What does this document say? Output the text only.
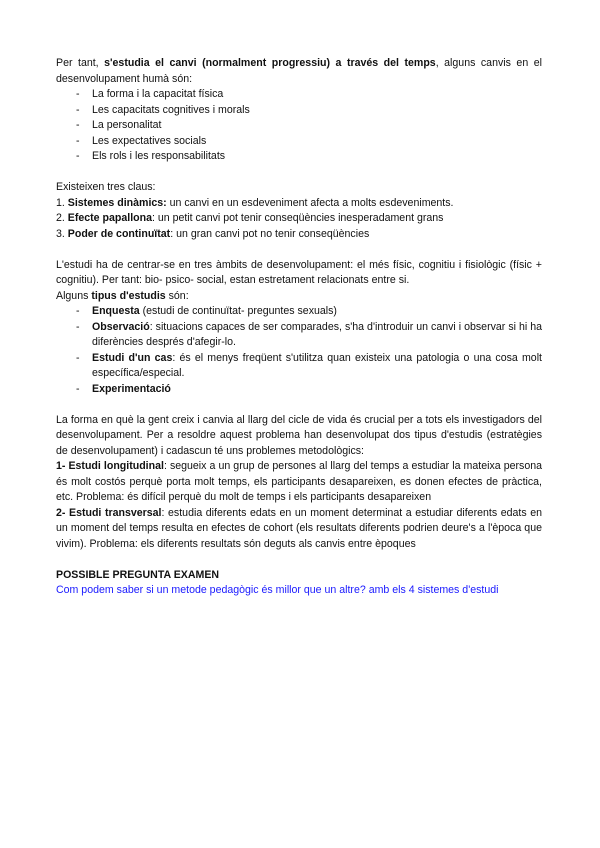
Per tant, s'estudia el canvi (normalment progressiu) a través del temps, alguns canvis en el desenvolupament humà són:

- La forma i la capacitat física
- Les capacitats cognitives i morals
- La personalitat
- Les expectatives socials
- Els rols i les responsabilitats

Existeixen tres claus:

1. Sistemes dinàmics: un canvi en un esdeveniment afecta a molts esdeveniments.

2. Efecte papallona: un petit canvi pot tenir conseqüències inesperadament grans

3. Poder de continuïtat: un gran canvi pot no tenir conseqüències

L'estudi ha de centrar-se en tres àmbits de desenvolupament: el més físic, cognitiu i fisiològic (físic + cognitiu). Per tant: bio- psico- social, estan estretament relacionats entre si.

Alguns tipus d'estudis són:

- Enquesta (estudi de continuïtat- preguntes sexuals)
- Observació: situacions capaces de ser comparades, s'ha d'introduir un canvi i observar si hi ha diferències després d'afegir-lo.
- Estudi d'un cas: és el menys freqüent s'utilitza quan existeix una patologia o una cosa molt específica/especial.
- Experimentació

La forma en què la gent creix i canvia al llarg del cicle de vida és crucial per a tots els investigadors del desenvolupament. Per a resoldre aquest problema han desenvolupat dos tipus d'estudis (estratègies de desenvolupament) i cadascun té uns problemes metodològics:

1- Estudi longitudinal: segueix a un grup de persones al llarg del temps a estudiar la mateixa persona és molt costós perquè porta molt temps, els participants desapareixen, es donen efectes de pràctica, etc. Problema: és difícil perquè du molt de temps i els participants desapareixen

2- Estudi transversal: estudia diferents edats en un moment determinat a estudiar diferents edats en un moment del temps resulta en efectes de cohort (els resultats diferents podrien deure's a l'època que vivim). Problema: els diferents resultats són deguts als canvis entre èpoques

POSSIBLE PREGUNTA EXAMEN

Com podem saber si un metode pedagògic és millor que un altre? amb els 4 sistemes d'estudi
